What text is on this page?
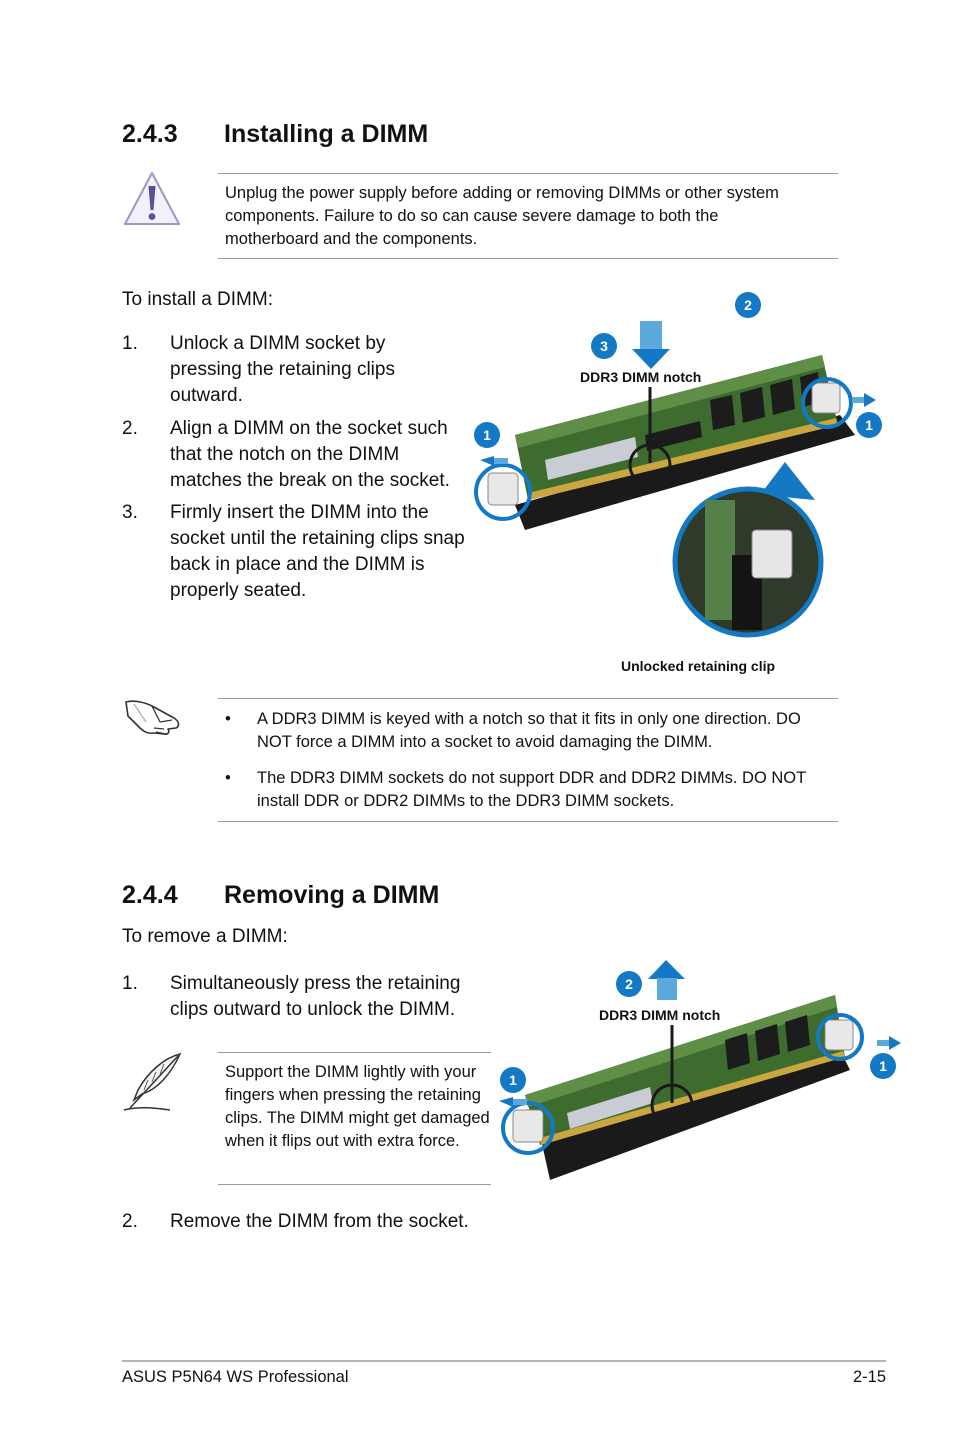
2.4.3 Installing a DIMM
Unplug the power supply before adding or removing DIMMs or other system components. Failure to do so can cause severe damage to both the motherboard and the components.
To install a DIMM:
1. Unlock a DIMM socket by pressing the retaining clips outward.
2. Align a DIMM on the socket such that the notch on the DIMM matches the break on the socket.
3. Firmly insert the DIMM into the socket until the retaining clips snap back in place and the DIMM is properly seated.
2
3
1
1
DDR3 DIMM notch
Unlocked retaining clip
• A DDR3 DIMM is keyed with a notch so that it fits in only one direction. DO NOT force a DIMM into a socket to avoid damaging the DIMM.
• The DDR3 DIMM sockets do not support DDR and DDR2 DIMMs. DO NOT install DDR or DDR2 DIMMs to the DDR3 DIMM sockets.
2.4.4 Removing a DIMM
To remove a DIMM:
1. Simultaneously press the retaining clips outward to unlock the DIMM.
Support the DIMM lightly with your fingers when pressing the retaining clips. The DIMM might get damaged when it flips out with extra force.
2. Remove the DIMM from the socket.
2
1
1
DDR3 DIMM notch
ASUS P5N64 WS Professional	2-15
